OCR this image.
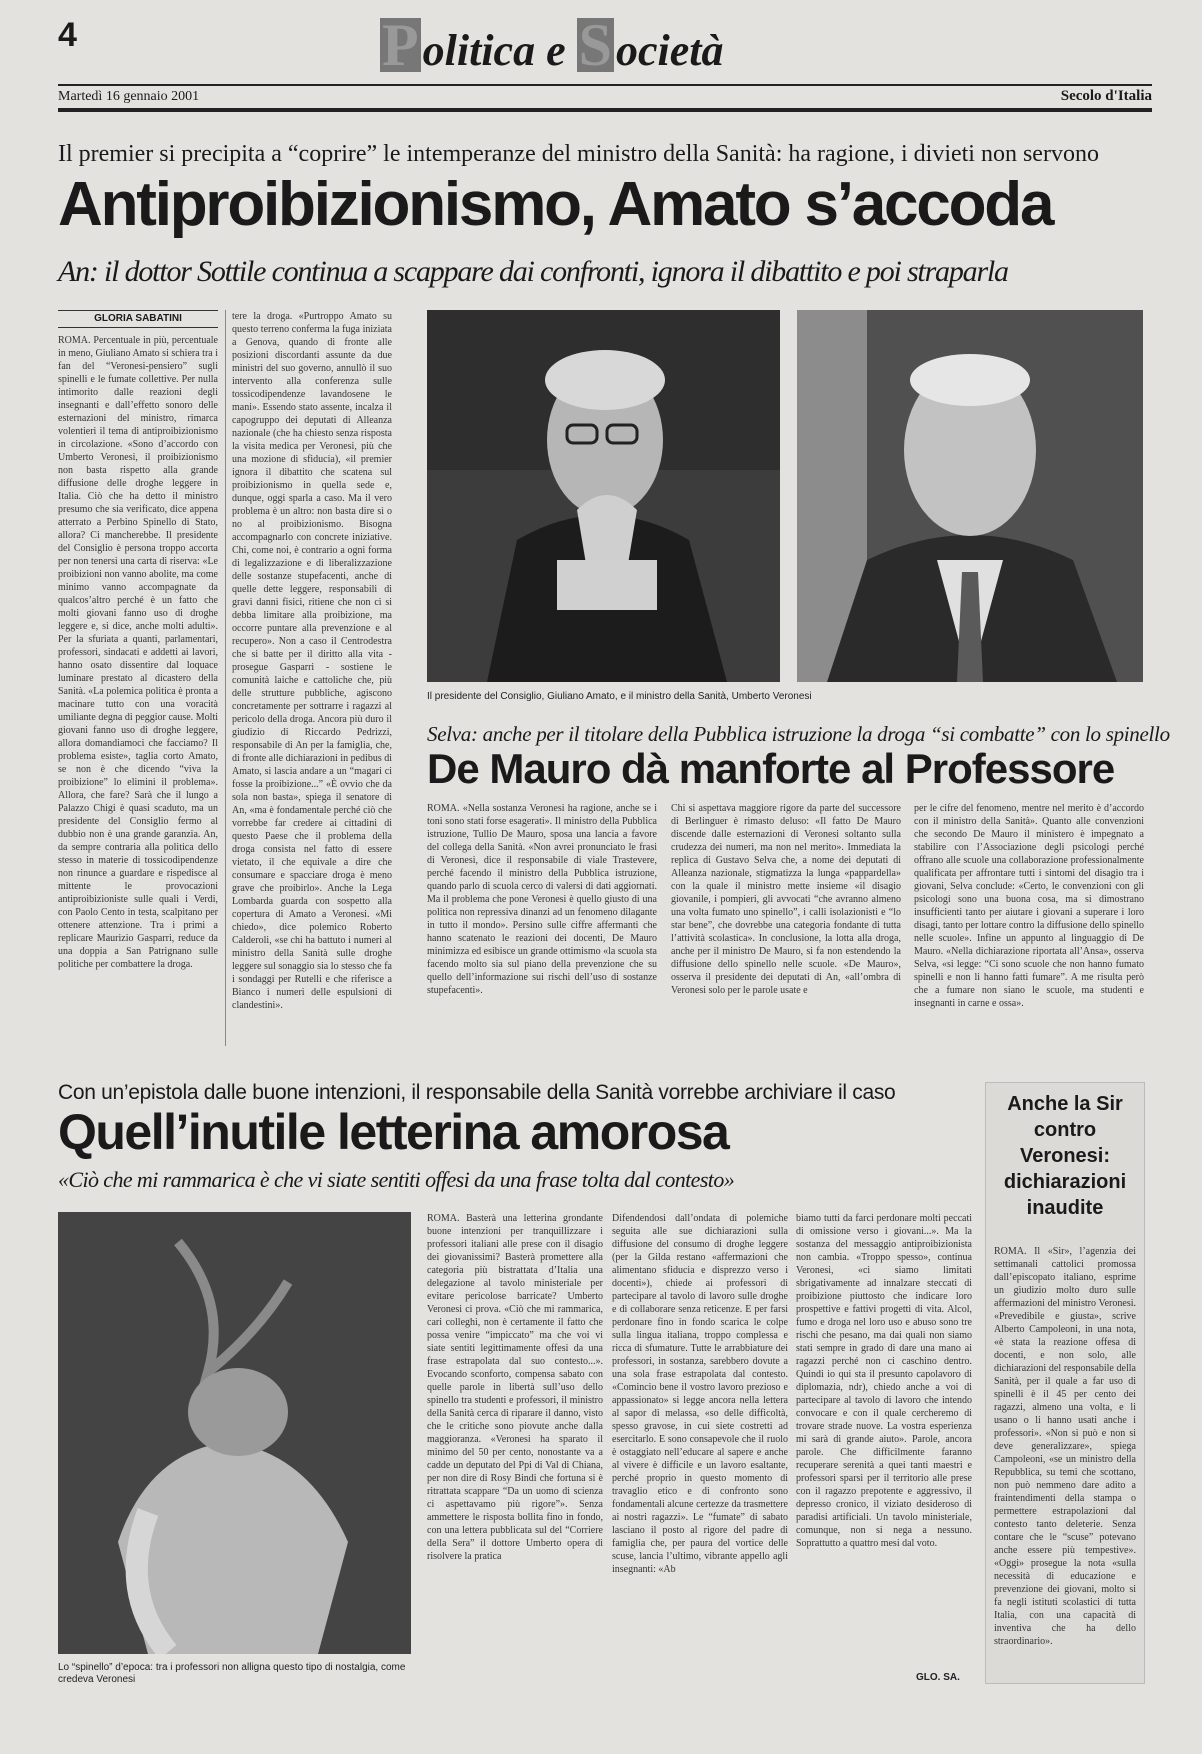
4	Politica e Società
Martedì 16 gennaio 2001	Secolo d'Italia
Il premier si precipita a “coprire” le intemperanze del ministro della Sanità: ha ragione, i divieti non servono
Antiproibizionismo, Amato s’accoda
An: il dottor Sottile continua a scappare dai confronti, ignora il dibattito e poi straparla
GLORIA SABATINI
ROMA. Percentuale in più, percentuale in meno, Giuliano Amato si schiera tra i fan del “Veronesi-pensiero” sugli spinelli e le fumate collettive. Per nulla intimorito dalle reazioni degli insegnanti e dall’effetto sonoro delle esternazioni del ministro, rimarca volentieri il tema di antiproibizionismo in circolazione. «Sono d’accordo con Umberto Veronesi, il proibizionismo non basta rispetto alla grande diffusione delle droghe leggere in Italia. Ciò che ha detto il ministro presumo che sia verificato, dice appena atterrato a Perbino Spinello di Stato, allora? Ci mancherebbe. Il presidente del Consiglio è persona troppo accorta per non tenersi una carta di riserva: «Le proibizioni non vanno abolite, ma come minimo vanno accompagnate da qualcos’altro perché è un fatto che molti giovani fanno uso di droghe leggere e, si dice, anche molti adulti». Per la sfuriata a quanti, parlamentari, professori, sindacati e addetti ai lavori, hanno osato dissentire dal loquace luminare prestato al dicastero della Sanità. «La polemica politica è pronta a macinare tutto con una voracità umiliante degna di peggior cause. Molti giovani fanno uso di droghe leggere, allora domandiamoci che facciamo? Il problema esiste», taglia corto Amato, se non è che dicendo “viva la proibizione” lo elimini il problema». Allora, che fare? Sarà che il lungo a Palazzo Chigi è quasi scaduto, ma un presidente del Consiglio fermo al dubbio non è una grande garanzia. An, da sempre contraria alla politica dello stesso in materie di tossicodipendenze non rinunce a guardare e rispedisce al mittente le provocazioni antiproibizioniste sulle quali i Verdi, con Paolo Cento in testa, scalpitano per ottenere attenzione. Tra i primi a replicare Maurizio Gasparri, reduce da una doppia a San Patrignano sulle politiche per combattere la droga.
tere la droga. «Purtroppo Amato su questo terreno conferma la fuga iniziata a Genova, quando di fronte alle posizioni discordanti assunte da due ministri del suo governo, annullò il suo intervento alla conferenza sulle tossicodipendenze lavandosene le mani». Essendo stato assente, incalza il capogruppo dei deputati di Alleanza nazionale (che ha chiesto senza risposta la visita medica per Veronesi, più che una mozione di sfiducia), «il premier ignora il dibattito che scatena sul proibizionismo in quella sede e, dunque, oggi sparla a caso. Ma il vero problema è un altro: non basta dire sì o no al proibizionismo. Bisogna accompagnarlo con concrete iniziative. Chi, come noi, è contrario a ogni forma di legalizzazione e di liberalizzazione delle sostanze stupefacenti, anche di quelle dette leggere, responsabili di gravi danni fisici, ritiene che non ci si debba limitare alla proibizione, ma occorre puntare alla prevenzione e al recupero». Non a caso il Centrodestra che si batte per il diritto alla vita - prosegue Gasparri - sostiene le comunità laiche e cattoliche che, più delle strutture pubbliche, agiscono concretamente per sottrarre i ragazzi al pericolo della droga. Ancora più duro il giudizio di Riccardo Pedrizzi, responsabile di An per la famiglia, che, di fronte alle dichiarazioni in pedibus di Amato, si lascia andare a un “magari ci fosse la proibizione...” «È ovvio che da sola non basta», spiega il senatore di An, «ma è fondamentale perché ciò che vorrebbe far credere ai cittadini di questo Paese che il problema della droga consista nel fatto di essere vietato, il che equivale a dire che consumare e spacciare droga è meno grave che proibirlo». Anche la Lega Lombarda guarda con sospetto alla copertura di Amato a Veronesi. «Mi chiedo», dice polemico Roberto Calderoli, «se chi ha battuto i numeri al ministro della Sanità sulle droghe leggere sul sonaggio sia lo stesso che fa i sondaggi per Rutelli e che riferisce a Bianco i numeri delle espulsioni di clandestini».
Il presidente del Consiglio, Giuliano Amato, e il ministro della Sanità, Umberto Veronesi
Selva: anche per il titolare della Pubblica istruzione la droga “si combatte” con lo spinello
De Mauro dà manforte al Professore
ROMA. «Nella sostanza Veronesi ha ragione, anche se i toni sono stati forse esagerati». Il ministro della Pubblica istruzione, Tullio De Mauro, sposa una lancia a favore del collega della Sanità. «Non avrei pronunciato le frasi di Veronesi, dice il responsabile di viale Trastevere, perché facendo il ministro della Pubblica istruzione, quando parlo di scuola cerco di valersi di dati aggiornati. Ma il problema che pone Veronesi è quello giusto di una politica non repressiva dinanzi ad un fenomeno dilagante in tutto il mondo». Persino sulle ciffre affermanti che hanno scatenato le reazioni dei docenti, De Mauro minimizza ed esibisce un grande ottimismo «la scuola sta facendo molto sia sul piano della prevenzione che su quello dell’informazione sui rischi dell’uso di sostanze stupefacenti».
Chi si aspettava maggiore rigore da parte del successore di Berlinguer è rimasto deluso: «Il fatto De Mauro discende dalle esternazioni di Veronesi soltanto sulla crudezza dei numeri, ma non nel merito». Immediata la replica di Gustavo Selva che, a nome dei deputati di Alleanza nazionale, stigmatizza la lunga «pappardella» con la quale il ministro mette insieme «il disagio giovanile, i pompieri, gli avvocati “che avranno almeno una volta fumato uno spinello”, i calli isolazionisti e “lo star bene”, che dovrebbe una categoria fondante di tutta l’attività scolastica». In conclusione, la lotta alla droga, anche per il ministro De Mauro, si fa non estendendo la diffusione dello spinello nelle scuole. «De Mauro», osserva il presidente dei deputati di An, «all’ombra di Veronesi solo per le parole usate e
per le cifre del fenomeno, mentre nel merito è d’accordo con il ministro della Sanità». Quanto alle convenzioni che secondo De Mauro il ministero è impegnato a stabilire con l’Associazione degli psicologi perché offrano alle scuole una collaborazione professionalmente qualificata per affrontare tutti i sintomi del disagio tra i giovani, Selva conclude: «Certo, le convenzioni con gli psicologi sono una buona cosa, ma si dimostrano insufficienti tanto per aiutare i giovani a superare i loro disagi, tanto per lottare contro la diffusione dello spinello nelle scuole». Infine un appunto al linguaggio di De Mauro. «Nella dichiarazione riportata all’Ansa», osserva Selva, «si legge: “Ci sono scuole che non hanno fumato spinelli e non li hanno fatti fumare”. A me risulta però che a fumare non siano le scuole, ma studenti e insegnanti in carne e ossa».
Con un’epistola dalle buone intenzioni, il responsabile della Sanità vorrebbe archiviare il caso
Quell’inutile letterina amorosa
«Ciò che mi rammarica è che vi siate sentiti offesi da una frase tolta dal contesto»
Lo “spinello” d’epoca: tra i professori non alligna questo tipo di nostalgia, come credeva Veronesi
ROMA. Basterà una letterina grondante buone intenzioni per tranquillizzare i professori italiani alle prese con il disagio dei giovanissimi? Basterà promettere alla categoria più bistrattata d’Italia una delegazione al tavolo ministeriale per evitare pericolose barricate? Umberto Veronesi ci prova. «Ciò che mi rammarica, cari colleghi, non è certamente il fatto che possa venire “impiccato” ma che voi vi siate sentiti legittimamente offesi da una frase estrapolata dal suo contesto...». Evocando sconforto, compensa sabato con quelle parole in libertà sull’uso dello spinello tra studenti e professori, il ministro della Sanità cerca di riparare il danno, visto che le critiche sono piovute anche dalla maggioranza. «Veronesi ha sparato il minimo del 50 per cento, nonostante va a cadde un deputato del Ppi di Val di Chiana, per non dire di Rosy Bindi che fortuna si è ritrattata scappare “Da un uomo di scienza ci aspettavamo più rigore”». Senza ammettere le risposta bollita fino in fondo, con una lettera pubblicata sul del “Corriere della Sera” il dottore Umberto opera di risolvere la pratica
Difendendosi dall’ondata di polemiche seguita alle sue dichiarazioni sulla diffusione del consumo di droghe leggere (per la Gilda restano «affermazioni che alimentano sfiducia e disprezzo verso i docenti»), chiede ai professori di partecipare al tavolo di lavoro sulle droghe e di collaborare senza reticenze. E per farsi perdonare fino in fondo scarica le colpe sulla lingua italiana, troppo complessa e ricca di sfumature. Tutte le arrabbiature dei professori, in sostanza, sarebbero dovute a una sola frase estrapolata dal contesto. «Comincio bene il vostro lavoro prezioso e appassionato» si legge ancora nella lettera al sapor di melassa, «so delle difficoltà, spesso gravose, in cui siete costretti ad esercitarlo. E sono consapevole che il ruolo è ostaggiato nell’educare al sapere e anche al vivere è difficile e un lavoro esaltante, perché proprio in questo momento di travaglio etico e di confronto sono fondamentali alcune certezze da trasmettere ai nostri ragazzi». Le “fumate” di sabato lasciano il posto al rigore del padre di famiglia che, per paura del vortice delle scuse, lancia l’ultimo, vibrante appello agli insegnanti: «Ab
biamo tutti da farci perdonare molti peccati di omissione verso i giovani...». Ma la sostanza del messaggio antiproibizionista non cambia. «Troppo spesso», continua Veronesi, «ci siamo limitati sbrigativamente ad innalzare steccati di proibizione piuttosto che indicare loro prospettive e fattivi progetti di vita. Alcol, fumo e droga nel loro uso e abuso sono tre rischi che pesano, ma dai quali non siamo stati sempre in grado di dare una mano ai ragazzi perché non ci caschino dentro. Quindi io qui sta il presunto capolavoro di diplomazia, ndr), chiedo anche a voi di partecipare al tavolo di lavoro che intendo convocare e con il quale cercheremo di trovare strade nuove. La vostra esperienza mi sarà di grande aiuto». Parole, ancora parole. Che difficilmente faranno recuperare serenità a quei tanti maestri e professori sparsi per il territorio alle prese con il ragazzo prepotente e aggressivo, il depresso cronico, il viziato desideroso di paradisi artificiali. Un tavolo ministeriale, comunque, non si nega a nessuno. Soprattutto a quattro mesi dal voto.
GLO. SA.
Anche la Sir contro Veronesi: dichiarazioni inaudite
ROMA. Il «Sir», l’agenzia dei settimanali cattolici promossa dall’episcopato italiano, esprime un giudizio molto duro sulle affermazioni del ministro Veronesi. «Prevedibile e giusta», scrive Alberto Campoleoni, in una nota, «è stata la reazione offesa di docenti, e non solo, alle dichiarazioni del responsabile della Sanità, per il quale a far uso di spinelli è il 45 per cento dei ragazzi, almeno una volta, e li usano o li hanno usati anche i professori». «Non si può e non si deve generalizzare», spiega Campoleoni, «se un ministro della Repubblica, su temi che scottano, non può nemmeno dare adito a fraintendimenti della stampa o permettere estrapolazioni dal contesto tanto deleterie. Senza contare che le “scuse” potevano anche essere più tempestive». «Oggi» prosegue la nota «sulla necessità di educazione e prevenzione dei giovani, molto si fa negli istituti scolastici di tutta Italia, con una capacità di inventiva che ha dello straordinario».
